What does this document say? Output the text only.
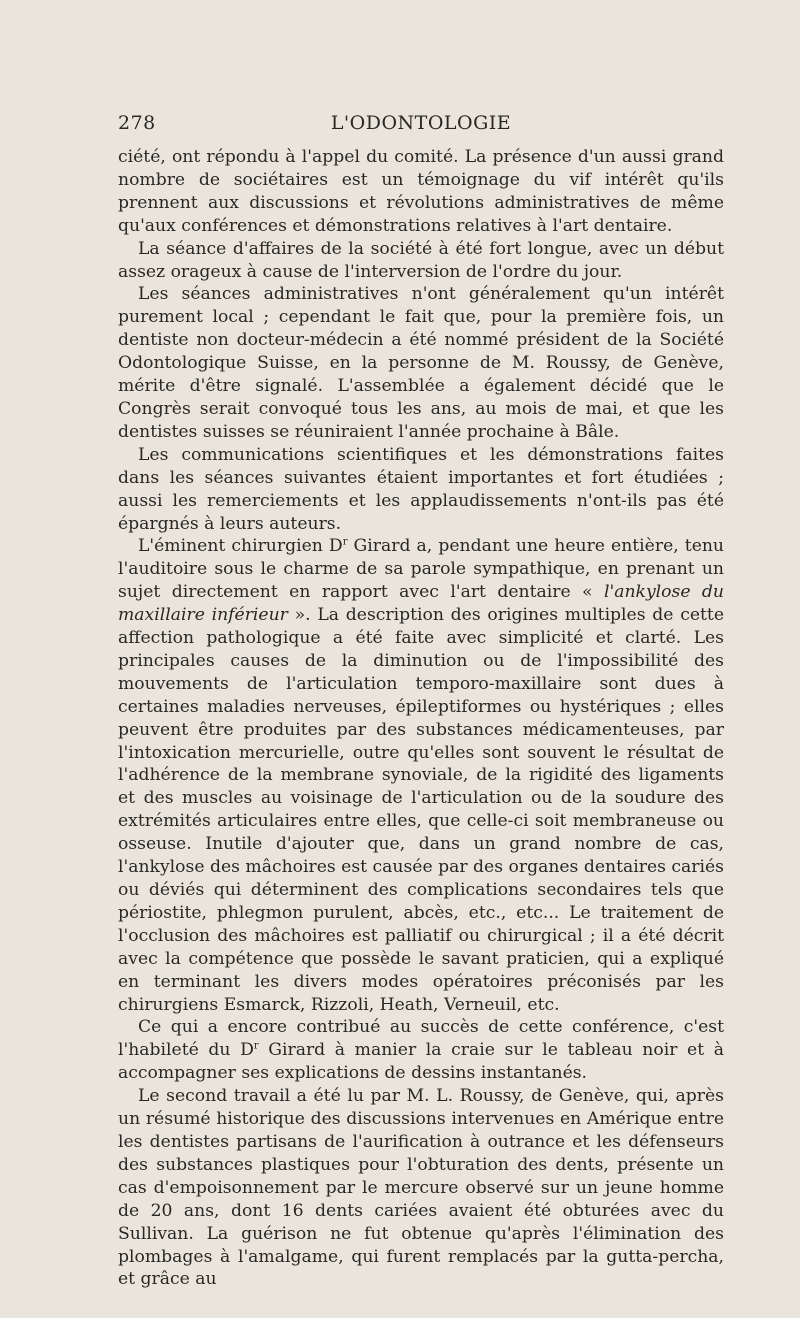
278	L'ODONTOLOGIE

ciété, ont répondu à l'appel du comité. La présence d'un aussi grand nombre de sociétaires est un témoignage du vif intérêt qu'ils prennent aux discussions et révolutions administratives de même qu'aux conférences et démonstrations relatives à l'art dentaire.

La séance d'affaires de la société à été fort longue, avec un début assez orageux à cause de l'interversion de l'ordre du jour.

Les séances administratives n'ont généralement qu'un intérêt purement local ; cependant le fait que, pour la première fois, un dentiste non docteur-médecin a été nommé président de la Société Odontologique Suisse, en la personne de M. Roussy, de Genève, mérite d'être signalé. L'assemblée a également décidé que le Congrès serait convoqué tous les ans, au mois de mai, et que les dentistes suisses se réuniraient l'année prochaine à Bâle.

Les communications scientifiques et les démonstrations faites dans les séances suivantes étaient importantes et fort étudiées ; aussi les remerciements et les applaudissements n'ont-ils pas été épargnés à leurs auteurs.

L'éminent chirurgien $D^r$ Girard a, pendant une heure entière, tenu l'auditoire sous le charme de sa parole sympathique, en prenant un sujet directement en rapport avec l'art dentaire « l'ankylose du maxillaire inférieur ». La description des origines multiples de cette affection pathologique a été faite avec simplicité et clarté. Les principales causes de la diminution ou de l'impossibilité des mouvements de l'articulation temporo-maxillaire sont dues à certaines maladies nerveuses, épileptiformes ou hystériques ; elles peuvent être produites par des substances médicamenteuses, par l'intoxication mercurielle, outre qu'elles sont souvent le résultat de l'adhérence de la membrane synoviale, de la rigidité des ligaments et des muscles au voisinage de l'articulation ou de la soudure des extrémités articulaires entre elles, que celle-ci soit membraneuse ou osseuse. Inutile d'ajouter que, dans un grand nombre de cas, l'ankylose des mâchoires est causée par des organes dentaires cariés ou déviés qui déterminent des complications secondaires tels que périostite, phlegmon purulent, abcès, etc., etc... Le traitement de l'occlusion des mâchoires est palliatif ou chirurgical ; il a été décrit avec la compétence que possède le savant praticien, qui a expliqué en terminant les divers modes opératoires préconisés par les chirurgiens Esmarck, Rizzoli, Heath, Verneuil, etc.

Ce qui a encore contribué au succès de cette conférence, c'est l'habileté du $D^r$ Girard à manier la craie sur le tableau noir et à accompagner ses explications de dessins instantanés.

Le second travail a été lu par M. L. Roussy, de Genève, qui, après un résumé historique des discussions intervenues en Amérique entre les dentistes partisans de l'aurification à outrance et les défenseurs des substances plastiques pour l'obturation des dents, présente un cas d'empoisonnement par le mercure observé sur un jeune homme de 20 ans, dont 16 dents cariées avaient été obturées avec du Sullivan. La guérison ne fut obtenue qu'après l'élimination des plombages à l'amalgame, qui furent remplacés par la gutta-percha, et grâce au
